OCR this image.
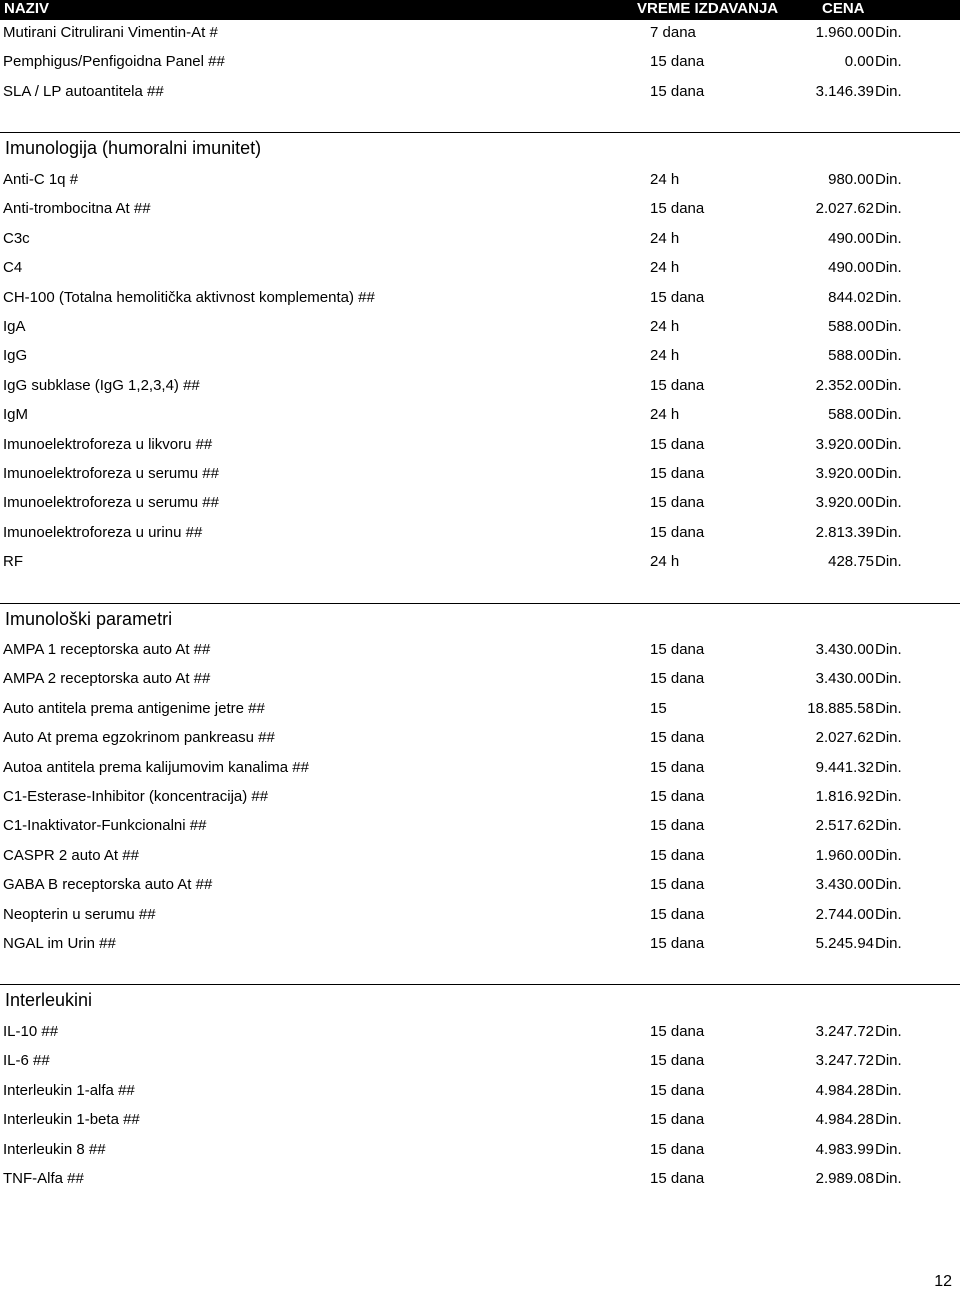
NAZIV	VREME IZDAVANJA	CENA
Mutirani Citrulirani Vimentin-At #	7 dana	1.960.00 Din.
Pemphigus/Penfigoidna Panel ##	15 dana	0.00 Din.
SLA / LP autoantitela ##	15 dana	3.146.39 Din.
Imunologija (humoralni imunitet)
Anti-C 1q #	24 h	980.00 Din.
Anti-trombocitna At ##	15 dana	2.027.62 Din.
C3c	24 h	490.00 Din.
C4	24 h	490.00 Din.
CH-100 (Totalna hemolitička aktivnost komplementa) ##	15 dana	844.02 Din.
IgA	24 h	588.00 Din.
IgG	24 h	588.00 Din.
IgG subklase (IgG 1,2,3,4) ##	15 dana	2.352.00 Din.
IgM	24 h	588.00 Din.
Imunoelektroforeza u likvoru ##	15 dana	3.920.00 Din.
Imunoelektroforeza u serumu ##	15 dana	3.920.00 Din.
Imunoelektroforeza u serumu ##	15 dana	3.920.00 Din.
Imunoelektroforeza u urinu ##	15 dana	2.813.39 Din.
RF	24 h	428.75 Din.
Imunološki parametri
AMPA 1 receptorska auto At ##	15 dana	3.430.00 Din.
AMPA 2 receptorska auto At ##	15 dana	3.430.00 Din.
Auto antitela prema antigenime jetre ##	15	18.885.58 Din.
Auto At prema egzokrinom pankreasu ##	15 dana	2.027.62 Din.
Autoa antitela prema kalijumovim kanalima ##	15 dana	9.441.32 Din.
C1-Esterase-Inhibitor (koncentracija) ##	15 dana	1.816.92 Din.
C1-Inaktivator-Funkcionalni ##	15 dana	2.517.62 Din.
CASPR 2 auto At ##	15 dana	1.960.00 Din.
GABA B receptorska auto At ##	15 dana	3.430.00 Din.
Neopterin u serumu ##	15 dana	2.744.00 Din.
NGAL im Urin ##	15 dana	5.245.94 Din.
Interleukini
IL-10 ##	15 dana	3.247.72 Din.
IL-6 ##	15 dana	3.247.72 Din.
Interleukin 1-alfa ##	15 dana	4.984.28 Din.
Interleukin 1-beta ##	15 dana	4.984.28 Din.
Interleukin 8 ##	15 dana	4.983.99 Din.
TNF-Alfa ##	15 dana	2.989.08 Din.
12
